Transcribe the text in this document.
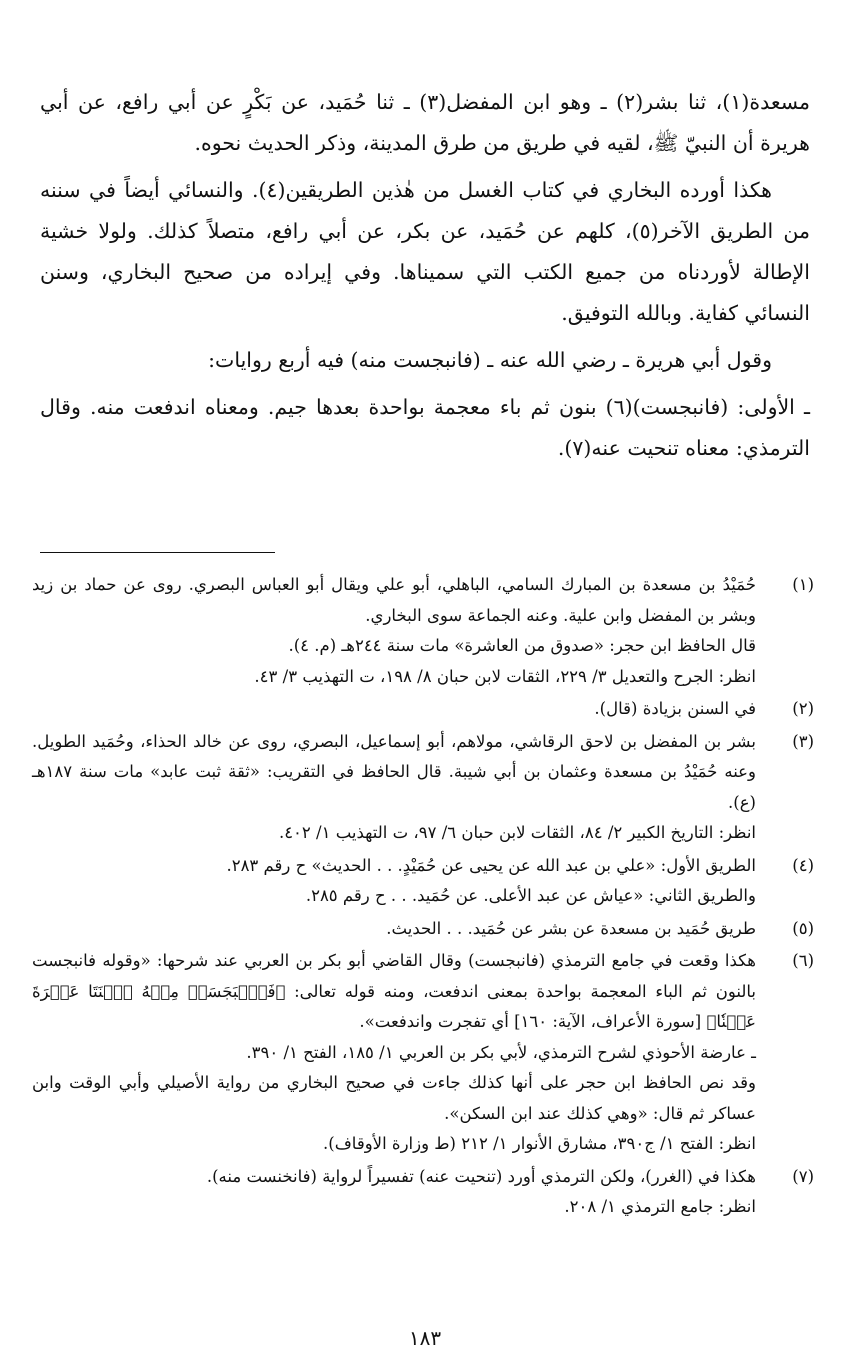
مسعدة(١)، ثنا بشر(٢) ـ وهو ابن المفضل(٣) ـ ثنا حُمَيد، عن بَكْرٍ عن أبي رافع، عن أبي هريرة أن النبيّ ﷺ، لقيه في طريق من طرق المدينة، وذكر الحديث نحوه.

هكذا أورده البخاري في كتاب الغسل من هٰذين الطريقين(٤). والنسائي أيضاً في سننه من الطريق الآخر(٥)، كلهم عن حُمَيد، عن بكر، عن أبي رافع، متصلاً كذلك. ولولا خشية الإطالة لأوردناه من جميع الكتب التي سميناها. وفي إيراده من صحيح البخاري، وسنن النسائي كفاية. وبالله التوفيق.

وقول أبي هريرة ـ رضي الله عنه ـ (فانبجست منه) فيه أربع روايات:

ـ الأولى: (فانبجست)(٦) بنون ثم باء معجمة بواحدة بعدها جيم. ومعناه اندفعت منه. وقال الترمذي: معناه تنحيت عنه(٧).

(١)

حُمَيْدُ بن مسعدة بن المبارك السامي، الباهلي، أبو علي ويقال أبو العباس البصري. روى عن حماد بن زيد وبشر بن المفضل وابن علية. وعنه الجماعة سوى البخاري.

قال الحافظ ابن حجر: «صدوق من العاشرة» مات سنة ٢٤٤هـ (م. ٤).

انظر: الجرح والتعديل ٣/ ٢٢٩، الثقات لابن حبان ٨/ ١٩٨، ت التهذيب ٣/ ٤٣.

(٢)

في السنن بزيادة (قال).

(٣)

بشر بن المفضل بن لاحق الرقاشي، مولاهم، أبو إسماعيل، البصري، روى عن خالد الحذاء، وحُمَيد الطويل. وعنه حُمَيْدُ بن مسعدة وعثمان بن أبي شيبة. قال الحافظ في التقريب: «ثقة ثبت عابد» مات سنة ١٨٧هـ (ع).

انظر: التاريخ الكبير ٢/ ٨٤، الثقات لابن حبان ٦/ ٩٧، ت التهذيب ١/ ٤٠٢.

(٤)

الطريق الأول: «علي بن عبد الله عن يحيى عن حُمَيْدٍ. . . الحديث» ح رقم ٢٨٣.

والطريق الثاني: «عياش عن عبد الأعلى. عن حُمَيد. . . ح رقم ٢٨٥.

(٥)

طريق حُمَيد بن مسعدة عن بشر عن حُمَيد. . . الحديث.

(٦)

هكذا وقعت في جامع الترمذي (فانبجست) وقال القاضي أبو بكر بن العربي عند شرحها: «وقوله فانبجست بالنون ثم الباء المعجمة بواحدة بمعنى اندفعت، ومنه قوله تعالى: ﴿فَٱنۢبَجَسَتۡ مِنۡهُ ٱثۡنَتَا عَشۡرَةَ عَيۡنٗا﴾ [سورة الأعراف، الآية: ١٦٠] أي تفجرت واندفعت».

ـ عارضة الأحوذي لشرح الترمذي، لأبي بكر بن العربي ١/ ١٨٥، الفتح ١/ ٣٩٠.

وقد نص الحافظ ابن حجر على أنها كذلك جاءت في صحيح البخاري من رواية الأصيلي وأبي الوقت وابن عساكر ثم قال: «وهي كذلك عند ابن السكن».

انظر: الفتح ١/ ج٣٩٠، مشارق الأنوار ١/ ٢١٢ (ط وزارة الأوقاف).

(٧)

هكذا في (الغرر)، ولكن الترمذي أورد (تنحيت عنه) تفسيراً لرواية (فانخنست منه).

انظر: جامع الترمذي ١/ ٢٠٨.

١٨٣
